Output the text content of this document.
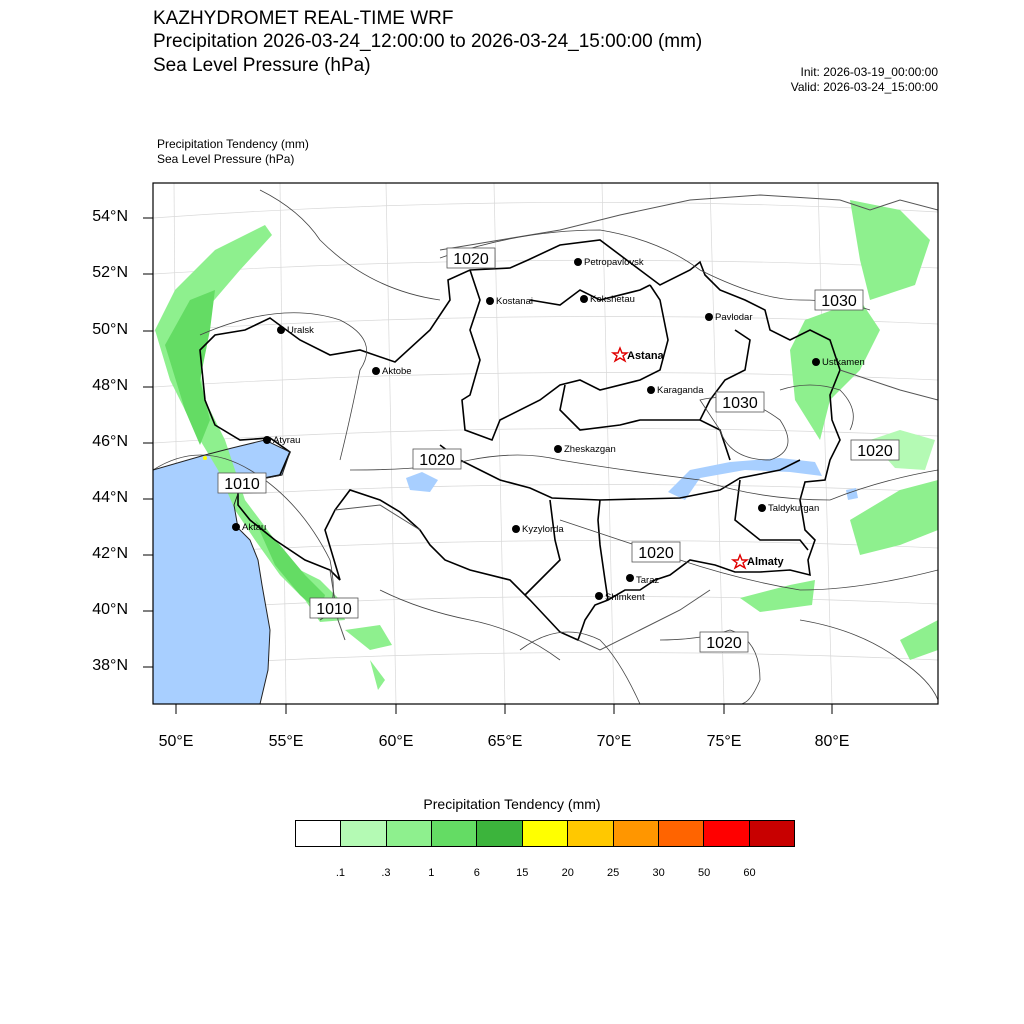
KAZHYDROMET REAL-TIME WRF
Precipitation 2026-03-24_12:00:00 to 2026-03-24_15:00:00 (mm)
Sea Level Pressure (hPa)	Init: 2026-03-19_00:00:00
Valid: 2026-03-24_15:00:00
Precipitation Tendency (mm)
Sea Level Pressure (hPa)
1020
1030
1030
1020
1020
1010
1020
1010
1020
Petropavlovsk
Kostanai	Kokshetau
Pavlodar
Uralsk
Astana
Aktobe
Karaganda
Ustkamen
Atyrau
Zheskazgan
Kyzylorda
Aktau
Taldykurgan
Almaty
Taraz
Shimkent
54°N
52°N
50°N
48°N
46°N
44°N
42°N
40°N
38°N
50°E	55°E	60°E	65°E	70°E	75°E	80°E
Precipitation Tendency (mm)
.1	.3	1	6	15	20	25	30	50	60
